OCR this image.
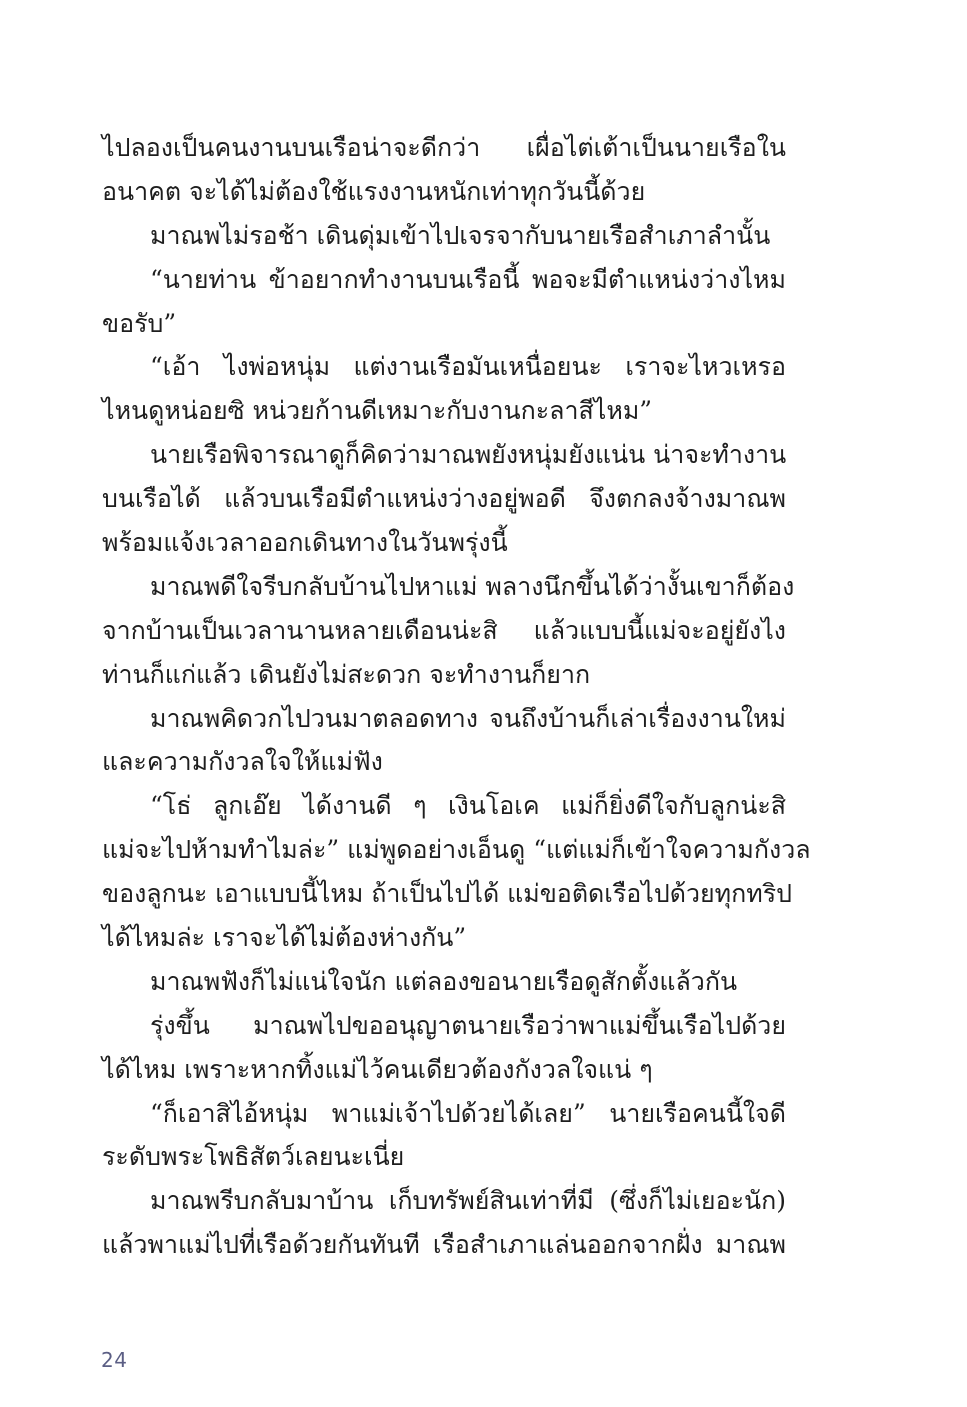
ไปลองเป็นคนงานบนเรือน่าจะดีกว่า เผื่อไต่เต้าเป็นนายเรือใน
อนาคต จะได้ไม่ต้องใช้แรงงานหนักเท่าทุกวันนี้ด้วย
มาณพไม่รอช้า เดินดุ่มเข้าไปเจรจากับนายเรือสำเภาลำนั้น
“นายท่าน ข้าอยากทำงานบนเรือนี้ พอจะมีตำแหน่งว่างไหม
ขอรับ”
“เอ้า ไงพ่อหนุ่ม แต่งานเรือมันเหนื่อยนะ เราจะไหวเหรอ
ไหนดูหน่อยซิ หน่วยก้านดีเหมาะกับงานกะลาสีไหม”
นายเรือพิจารณาดูก็คิดว่ามาณพยังหนุ่มยังแน่น น่าจะทำงาน
บนเรือได้ แล้วบนเรือมีตำแหน่งว่างอยู่พอดี จึงตกลงจ้างมาณพ
พร้อมแจ้งเวลาออกเดินทางในวันพรุ่งนี้
มาณพดีใจรีบกลับบ้านไปหาแม่ พลางนึกขึ้นได้ว่างั้นเขาก็ต้อง
จากบ้านเป็นเวลานานหลายเดือนน่ะสิ แล้วแบบนี้แม่จะอยู่ยังไง
ท่านก็แก่แล้ว เดินยังไม่สะดวก จะทำงานก็ยาก
มาณพคิดวกไปวนมาตลอดทาง จนถึงบ้านก็เล่าเรื่องงานใหม่
และความกังวลใจให้แม่ฟัง
“โธ่ ลูกเอ๊ย ได้งานดี ๆ เงินโอเค แม่ก็ยิ่งดีใจกับลูกน่ะสิ
แม่จะไปห้ามทำไมล่ะ” แม่พูดอย่างเอ็นดู “แต่แม่ก็เข้าใจความกังวล
ของลูกนะ เอาแบบนี้ไหม ถ้าเป็นไปได้ แม่ขอติดเรือไปด้วยทุกทริป
ได้ไหมล่ะ เราจะได้ไม่ต้องห่างกัน”
มาณพฟังก็ไม่แน่ใจนัก แต่ลองขอนายเรือดูสักตั้งแล้วกัน
รุ่งขึ้น มาณพไปขออนุญาตนายเรือว่าพาแม่ขึ้นเรือไปด้วย
ได้ไหม เพราะหากทิ้งแม่ไว้คนเดียวต้องกังวลใจแน่ ๆ
“ก็เอาสิไอ้หนุ่ม พาแม่เจ้าไปด้วยได้เลย” นายเรือคนนี้ใจดี
ระดับพระโพธิสัตว์เลยนะเนี่ย
มาณพรีบกลับมาบ้าน เก็บทรัพย์สินเท่าที่มี (ซึ่งก็ไม่เยอะนัก)
แล้วพาแม่ไปที่เรือด้วยกันทันที เรือสำเภาแล่นออกจากฝั่ง มาณพ
24
